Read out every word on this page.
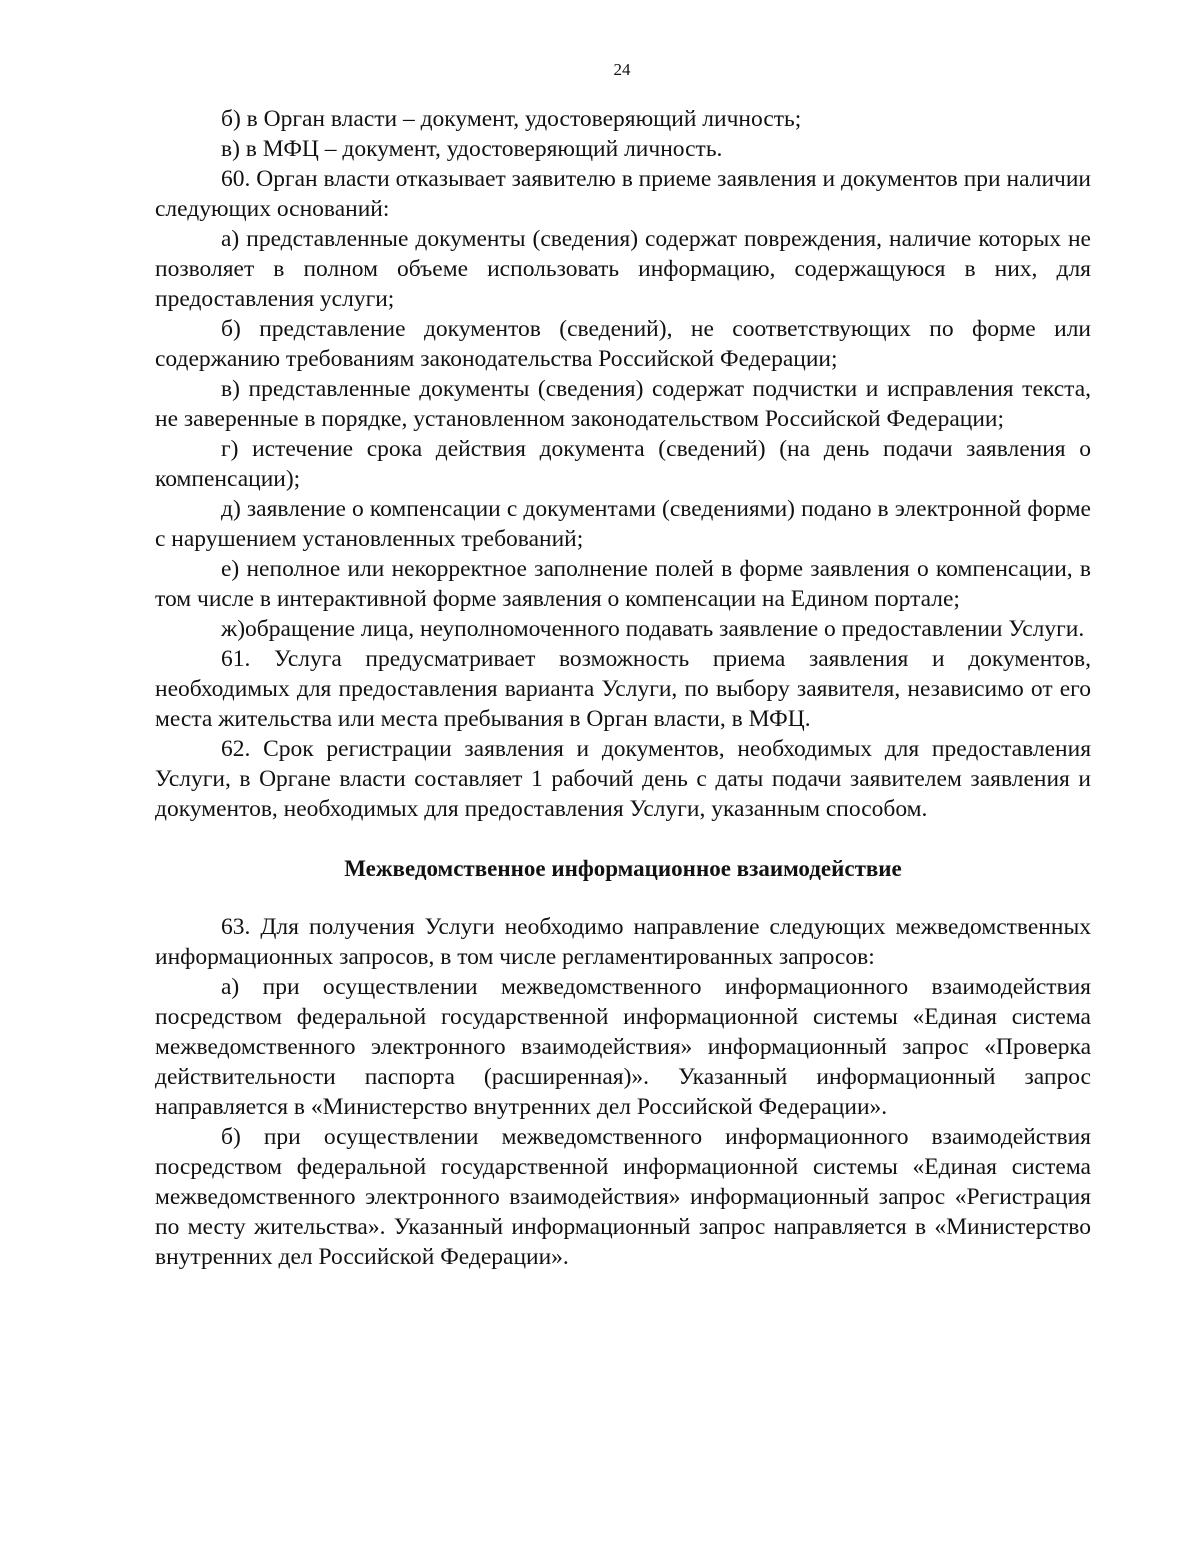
24

б) в Орган власти – документ, удостоверяющий личность;

в) в МФЦ – документ, удостоверяющий личность.

60. Орган власти отказывает заявителю в приеме заявления и документов при наличии следующих оснований:

а) представленные документы (сведения) содержат повреждения, наличие которых не позволяет в полном объеме использовать информацию, содержащуюся в них, для предоставления услуги;

б) представление документов (сведений), не соответствующих по форме или содержанию требованиям законодательства Российской Федерации;

в) представленные документы (сведения) содержат подчистки и исправления текста, не заверенные в порядке, установленном законодательством Российской Федерации;

г) истечение срока действия документа (сведений) (на день подачи заявления о компенсации);

д) заявление о компенсации с документами (сведениями) подано в электронной форме с нарушением установленных требований;

е) неполное или некорректное заполнение полей в форме заявления о компенсации, в том числе в интерактивной форме заявления о компенсации на Едином портале;

ж)обращение лица, неуполномоченного подавать заявление о предоставлении Услуги.

61. Услуга предусматривает возможность приема заявления и документов, необходимых для предоставления варианта Услуги, по выбору заявителя, независимо от его места жительства или места пребывания в Орган власти, в МФЦ.

62. Срок регистрации заявления и документов, необходимых для предоставления Услуги, в Органе власти составляет 1 рабочий день с даты подачи заявителем заявления и документов, необходимых для предоставления Услуги, указанным способом.

Межведомственное информационное взаимодействие

63. Для получения Услуги необходимо направление следующих межведомственных информационных запросов, в том числе регламентированных запросов:

а) при осуществлении межведомственного информационного взаимодействия посредством федеральной государственной информационной системы «Единая система межведомственного электронного взаимодействия» информационный запрос «Проверка действительности паспорта (расширенная)». Указанный информационный запрос направляется в «Министерство внутренних дел Российской Федерации».

б) при осуществлении межведомственного информационного взаимодействия посредством федеральной государственной информационной системы «Единая система межведомственного электронного взаимодействия» информационный запрос «Регистрация по месту жительства». Указанный информационный запрос направляется в «Министерство внутренних дел Российской Федерации».
